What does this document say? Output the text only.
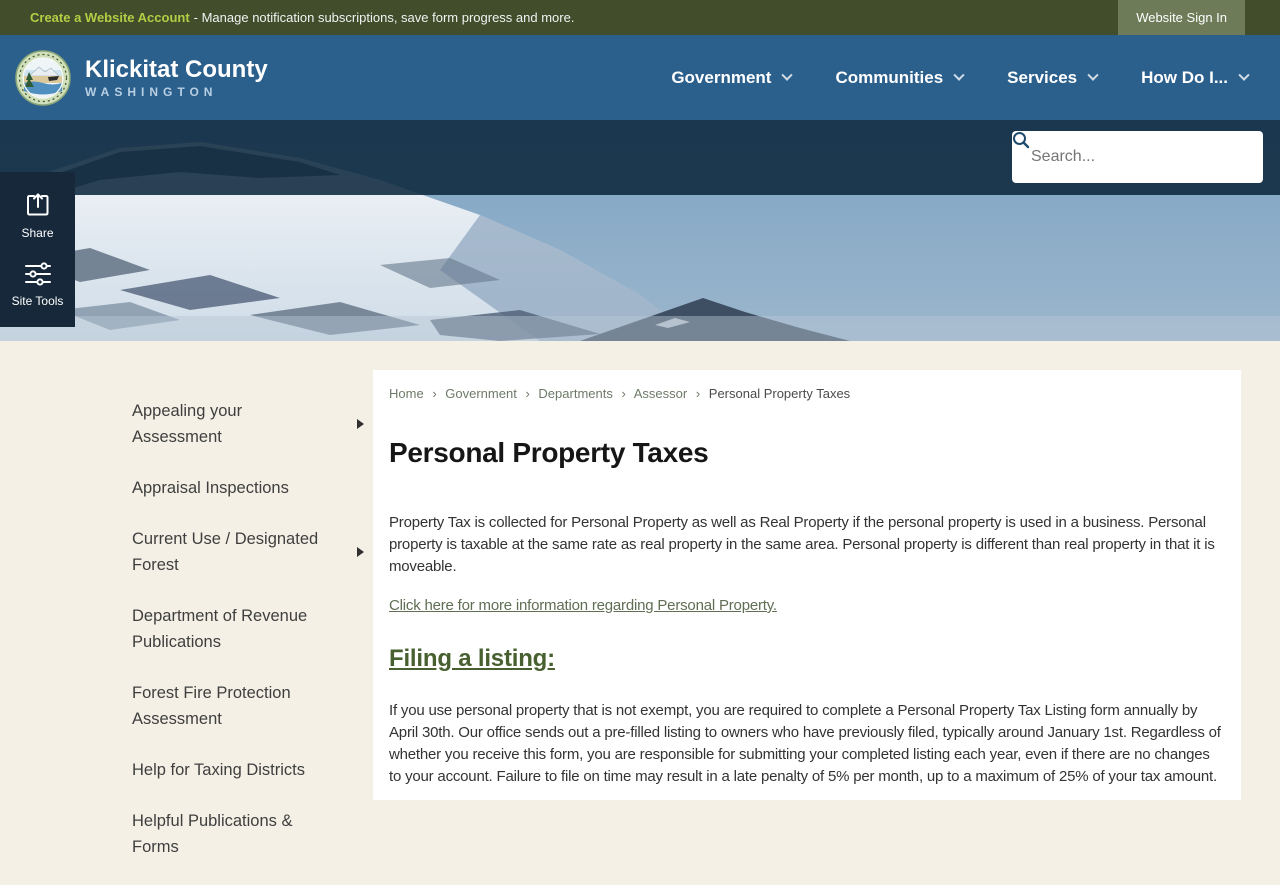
Create a Website Account - Manage notification subscriptions, save form progress and more.	Website Sign In
Klickitat County
WASHINGTON
Government	Communities	Services	How Do I...
Search...
Share
Site Tools
Appealing your Assessment
Appraisal Inspections
Current Use / Designated Forest
Department of Revenue Publications
Forest Fire Protection Assessment
Help for Taxing Districts
Helpful Publications & Forms
Home › Government › Departments › Assessor › Personal Property Taxes
Personal Property Taxes

Property Tax is collected for Personal Property as well as Real Property if the personal property is used in a business. Personal property is taxable at the same rate as real property in the same area. Personal property is different than real property in that it is moveable.

Click here for more information regarding Personal Property.
Filing a listing:

If you use personal property that is not exempt, you are required to complete a Personal Property Tax Listing form annually by April 30th. Our office sends out a pre-filled listing to owners who have previously filed, typically around January 1st. Regardless of whether you receive this form, you are responsible for submitting your completed listing each year, even if there are no changes to your account. Failure to file on time may result in a late penalty of 5% per month, up to a maximum of 25% of your tax amount.
